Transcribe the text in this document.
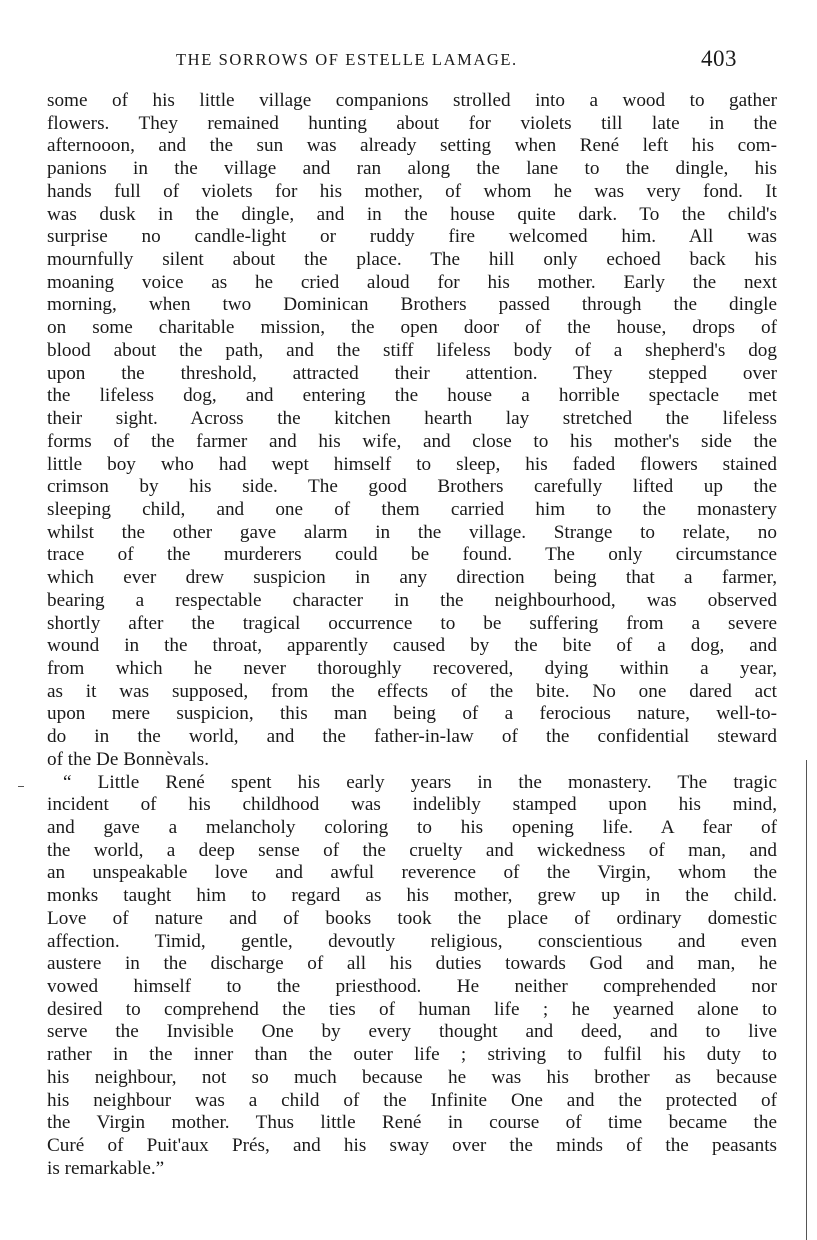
THE SORROWS OF ESTELLE LAMAGE.	403
some of his little village companions strolled into a wood to gather
flowers. They remained hunting about for violets till late in the
afternooon, and the sun was already setting when René left his com-
panions in the village and ran along the lane to the dingle, his
hands full of violets for his mother, of whom he was very fond. It
was dusk in the dingle, and in the house quite dark. To the child's
surprise no candle-light or ruddy fire welcomed him. All was
mournfully silent about the place. The hill only echoed back his
moaning voice as he cried aloud for his mother. Early the next
morning, when two Dominican Brothers passed through the dingle
on some charitable mission, the open door of the house, drops of
blood about the path, and the stiff lifeless body of a shepherd's dog
upon the threshold, attracted their attention. They stepped over
the lifeless dog, and entering the house a horrible spectacle met
their sight. Across the kitchen hearth lay stretched the lifeless
forms of the farmer and his wife, and close to his mother's side the
little boy who had wept himself to sleep, his faded flowers stained
crimson by his side. The good Brothers carefully lifted up the
sleeping child, and one of them carried him to the monastery
whilst the other gave alarm in the village. Strange to relate, no
trace of the murderers could be found. The only circumstance
which ever drew suspicion in any direction being that a farmer,
bearing a respectable character in the neighbourhood, was observed
shortly after the tragical occurrence to be suffering from a severe
wound in the throat, apparently caused by the bite of a dog, and
from which he never thoroughly recovered, dying within a year,
as it was supposed, from the effects of the bite. No one dared act
upon mere suspicion, this man being of a ferocious nature, well-to-
do in the world, and the father-in-law of the confidential steward
of the De Bonnèvals.
“ Little René spent his early years in the monastery. The tragic
incident of his childhood was indelibly stamped upon his mind,
and gave a melancholy coloring to his opening life. A fear of
the world, a deep sense of the cruelty and wickedness of man, and
an unspeakable love and awful reverence of the Virgin, whom the
monks taught him to regard as his mother, grew up in the child.
Love of nature and of books took the place of ordinary domestic
affection. Timid, gentle, devoutly religious, conscientious and even
austere in the discharge of all his duties towards God and man, he
vowed himself to the priesthood. He neither comprehended nor
desired to comprehend the ties of human life ; he yearned alone to
serve the Invisible One by every thought and deed, and to live
rather in the inner than the outer life ; striving to fulfil his duty to
his neighbour, not so much because he was his brother as because
his neighbour was a child of the Infinite One and the protected of
the Virgin mother. Thus little René in course of time became the
Curé of Puit'aux Prés, and his sway over the minds of the peasants
is remarkable.”
